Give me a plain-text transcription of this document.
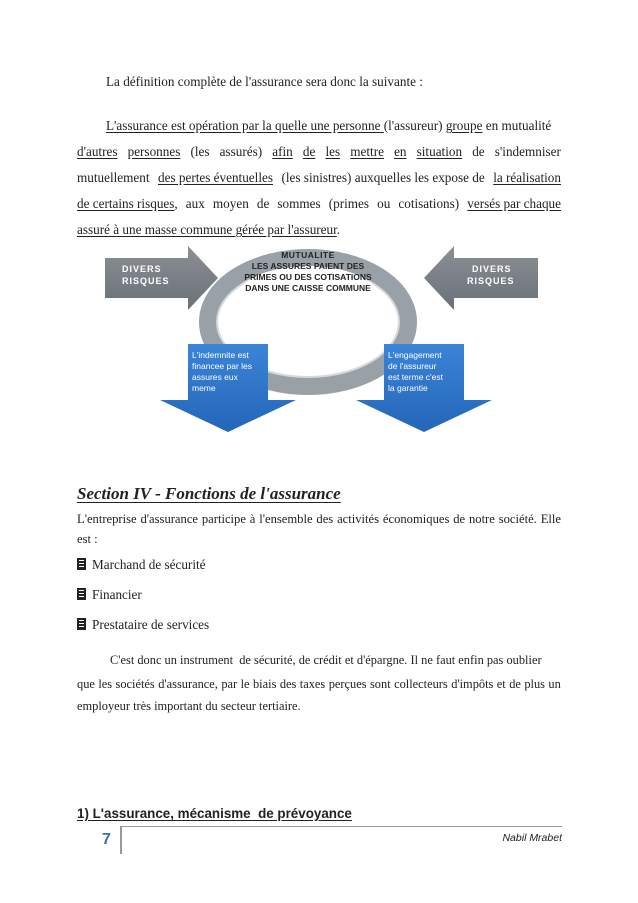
La définition complète de l'assurance sera donc la suivante :
L'assurance est opération par la quelle une personne (l'assureur) groupe en mutualité
d'autres personnes (les assurés) afin de les mettre en situation de s'indemniser
mutuellement des pertes éventuelles (les sinistres) auxquelles les expose de la réalisation
de certains risques, aux moyen de sommes (primes ou cotisations) versés par chaque
assuré à une masse commune gérée par l'assureur.
DIVERS
RISQUES
DIVERS
RISQUES
MUTUALITE
LES ASSURES PAIENT DES
PRIMES OU DES COTISATIONS
DANS UNE CAISSE COMMUNE
L'indemnite est
financee par les
assures eux
meme
L'engagement
de l'assureur
est terme c'est
la garantie
Section IV - Fonctions de l'assurance
L'entreprise d'assurance participe à l'ensemble des activités économiques de notre société. Elle
est :
Marchand de sécurité
Financier
Prestataire de services
C'est donc un instrument  de sécurité, de crédit et d'épargne. Il ne faut enfin pas oublier
que les sociétés d'assurance, par le biais des taxes perçues sont collecteurs d'impôts et de plus un
employeur très important du secteur tertiaire.
1) L'assurance, mécanisme  de prévoyance
Nabil Mrabet
7
